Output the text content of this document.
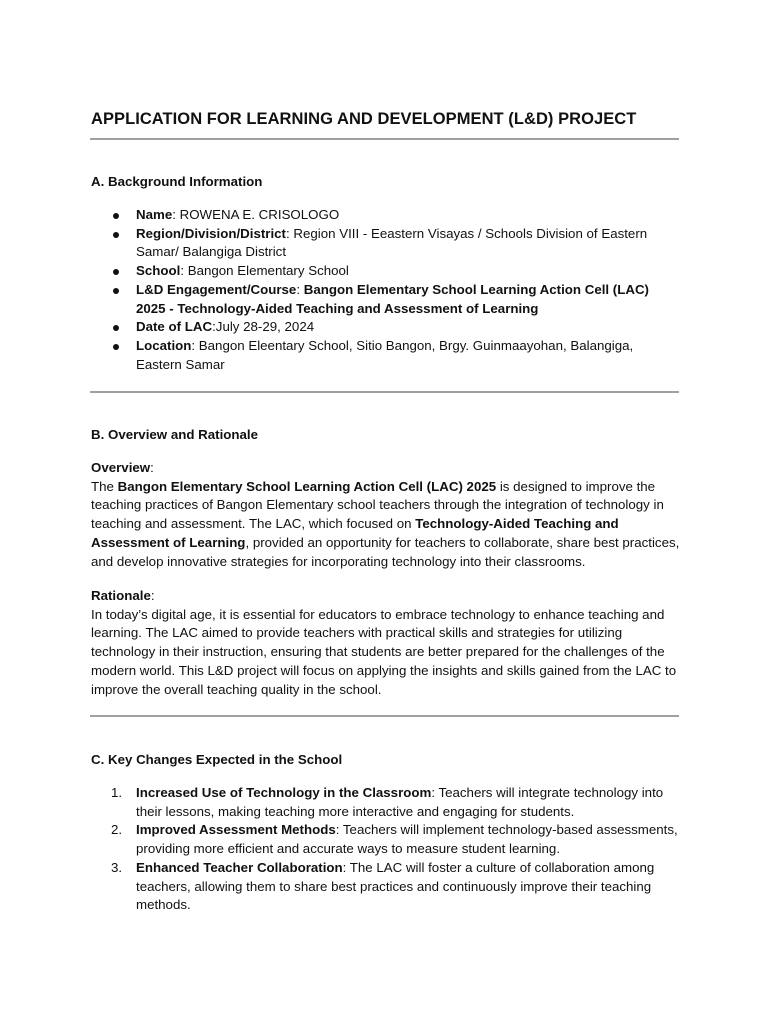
APPLICATION FOR LEARNING AND DEVELOPMENT (L&D) PROJECT
A. Background Information
Name: ROWENA E. CRISOLOGO
Region/Division/District: Region VIII - Eeastern Visayas / Schools Division of Eastern Samar/ Balangiga District
School: Bangon Elementary School
L&D Engagement/Course: Bangon Elementary School Learning Action Cell (LAC) 2025 - Technology-Aided Teaching and Assessment of Learning
Date of LAC:July 28-29, 2024
Location: Bangon Eleentary School, Sitio Bangon, Brgy. Guinmaayohan, Balangiga, Eastern Samar
B. Overview and Rationale

Overview:

The Bangon Elementary School Learning Action Cell (LAC) 2025 is designed to improve the teaching practices of Bangon Elementary school teachers through the integration of technology in teaching and assessment. The LAC, which focused on Technology-Aided Teaching and Assessment of Learning, provided an opportunity for teachers to collaborate, share best practices, and develop innovative strategies for incorporating technology into their classrooms.

Rationale:

In today’s digital age, it is essential for educators to embrace technology to enhance teaching and learning. The LAC aimed to provide teachers with practical skills and strategies for utilizing technology in their instruction, ensuring that students are better prepared for the challenges of the modern world. This L&D project will focus on applying the insights and skills gained from the LAC to improve the overall teaching quality in the school.

C. Key Changes Expected in the School
1. Increased Use of Technology in the Classroom: Teachers will integrate technology into their lessons, making teaching more interactive and engaging for students.
2. Improved Assessment Methods: Teachers will implement technology-based assessments, providing more efficient and accurate ways to measure student learning.
3. Enhanced Teacher Collaboration: The LAC will foster a culture of collaboration among teachers, allowing them to share best practices and continuously improve their teaching methods.
